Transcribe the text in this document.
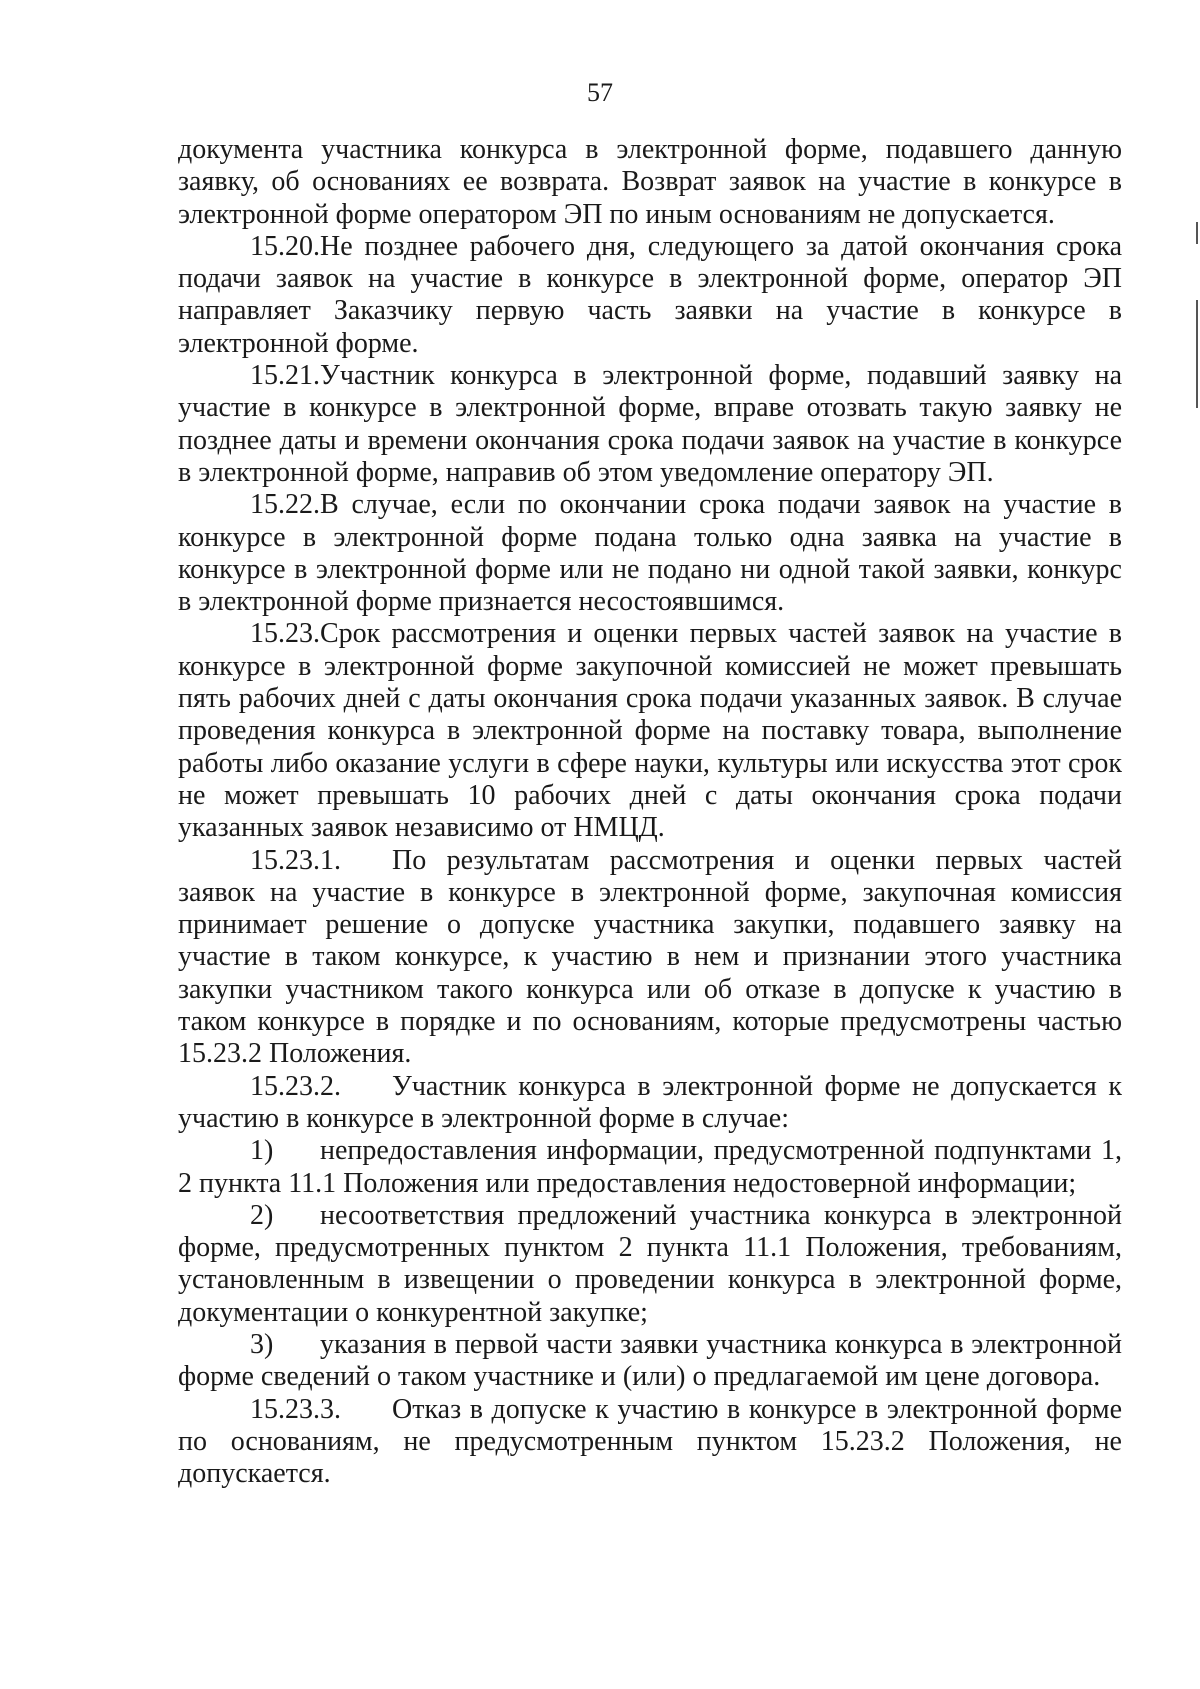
57

документа участника конкурса в электронной форме, подавшего данную заявку, об основаниях ее возврата. Возврат заявок на участие в конкурсе в электронной форме оператором ЭП по иным основаниям не допускается.

15.20.Не позднее рабочего дня, следующего за датой окончания срока подачи заявок на участие в конкурсе в электронной форме, оператор ЭП направляет Заказчику первую часть заявки на участие в конкурсе в электронной форме.

15.21.Участник конкурса в электронной форме, подавший заявку на участие в конкурсе в электронной форме, вправе отозвать такую заявку не позднее даты и времени окончания срока подачи заявок на участие в конкурсе в электронной форме, направив об этом уведомление оператору ЭП.

15.22.В случае, если по окончании срока подачи заявок на участие в конкурсе в электронной форме подана только одна заявка на участие в конкурсе в электронной форме или не подано ни одной такой заявки, конкурс в электронной форме признается несостоявшимся.

15.23.Срок рассмотрения и оценки первых частей заявок на участие в конкурсе в электронной форме закупочной комиссией не может превышать пять рабочих дней с даты окончания срока подачи указанных заявок. В случае проведения конкурса в электронной форме на поставку товара, выполнение работы либо оказание услуги в сфере науки, культуры или искусства этот срок не может превышать 10 рабочих дней с даты окончания срока подачи указанных заявок независимо от НМЦД.

15.23.1. По результатам рассмотрения и оценки первых частей заявок на участие в конкурсе в электронной форме, закупочная комиссия принимает решение о допуске участника закупки, подавшего заявку на участие в таком конкурсе, к участию в нем и признании этого участника закупки участником такого конкурса или об отказе в допуске к участию в таком конкурсе в порядке и по основаниям, которые предусмотрены частью 15.23.2 Положения.

15.23.2. Участник конкурса в электронной форме не допускается к участию в конкурсе в электронной форме в случае:

1) непредоставления информации, предусмотренной подпунктами 1, 2 пункта 11.1 Положения или предоставления недостоверной информации;

2) несоответствия предложений участника конкурса в электронной форме, предусмотренных пунктом 2 пункта 11.1 Положения, требованиям, установленным в извещении о проведении конкурса в электронной форме, документации о конкурентной закупке;

3) указания в первой части заявки участника конкурса в электронной форме сведений о таком участнике и (или) о предлагаемой им цене договора.

15.23.3. Отказ в допуске к участию в конкурсе в электронной форме по основаниям, не предусмотренным пунктом 15.23.2 Положения, не допускается.
